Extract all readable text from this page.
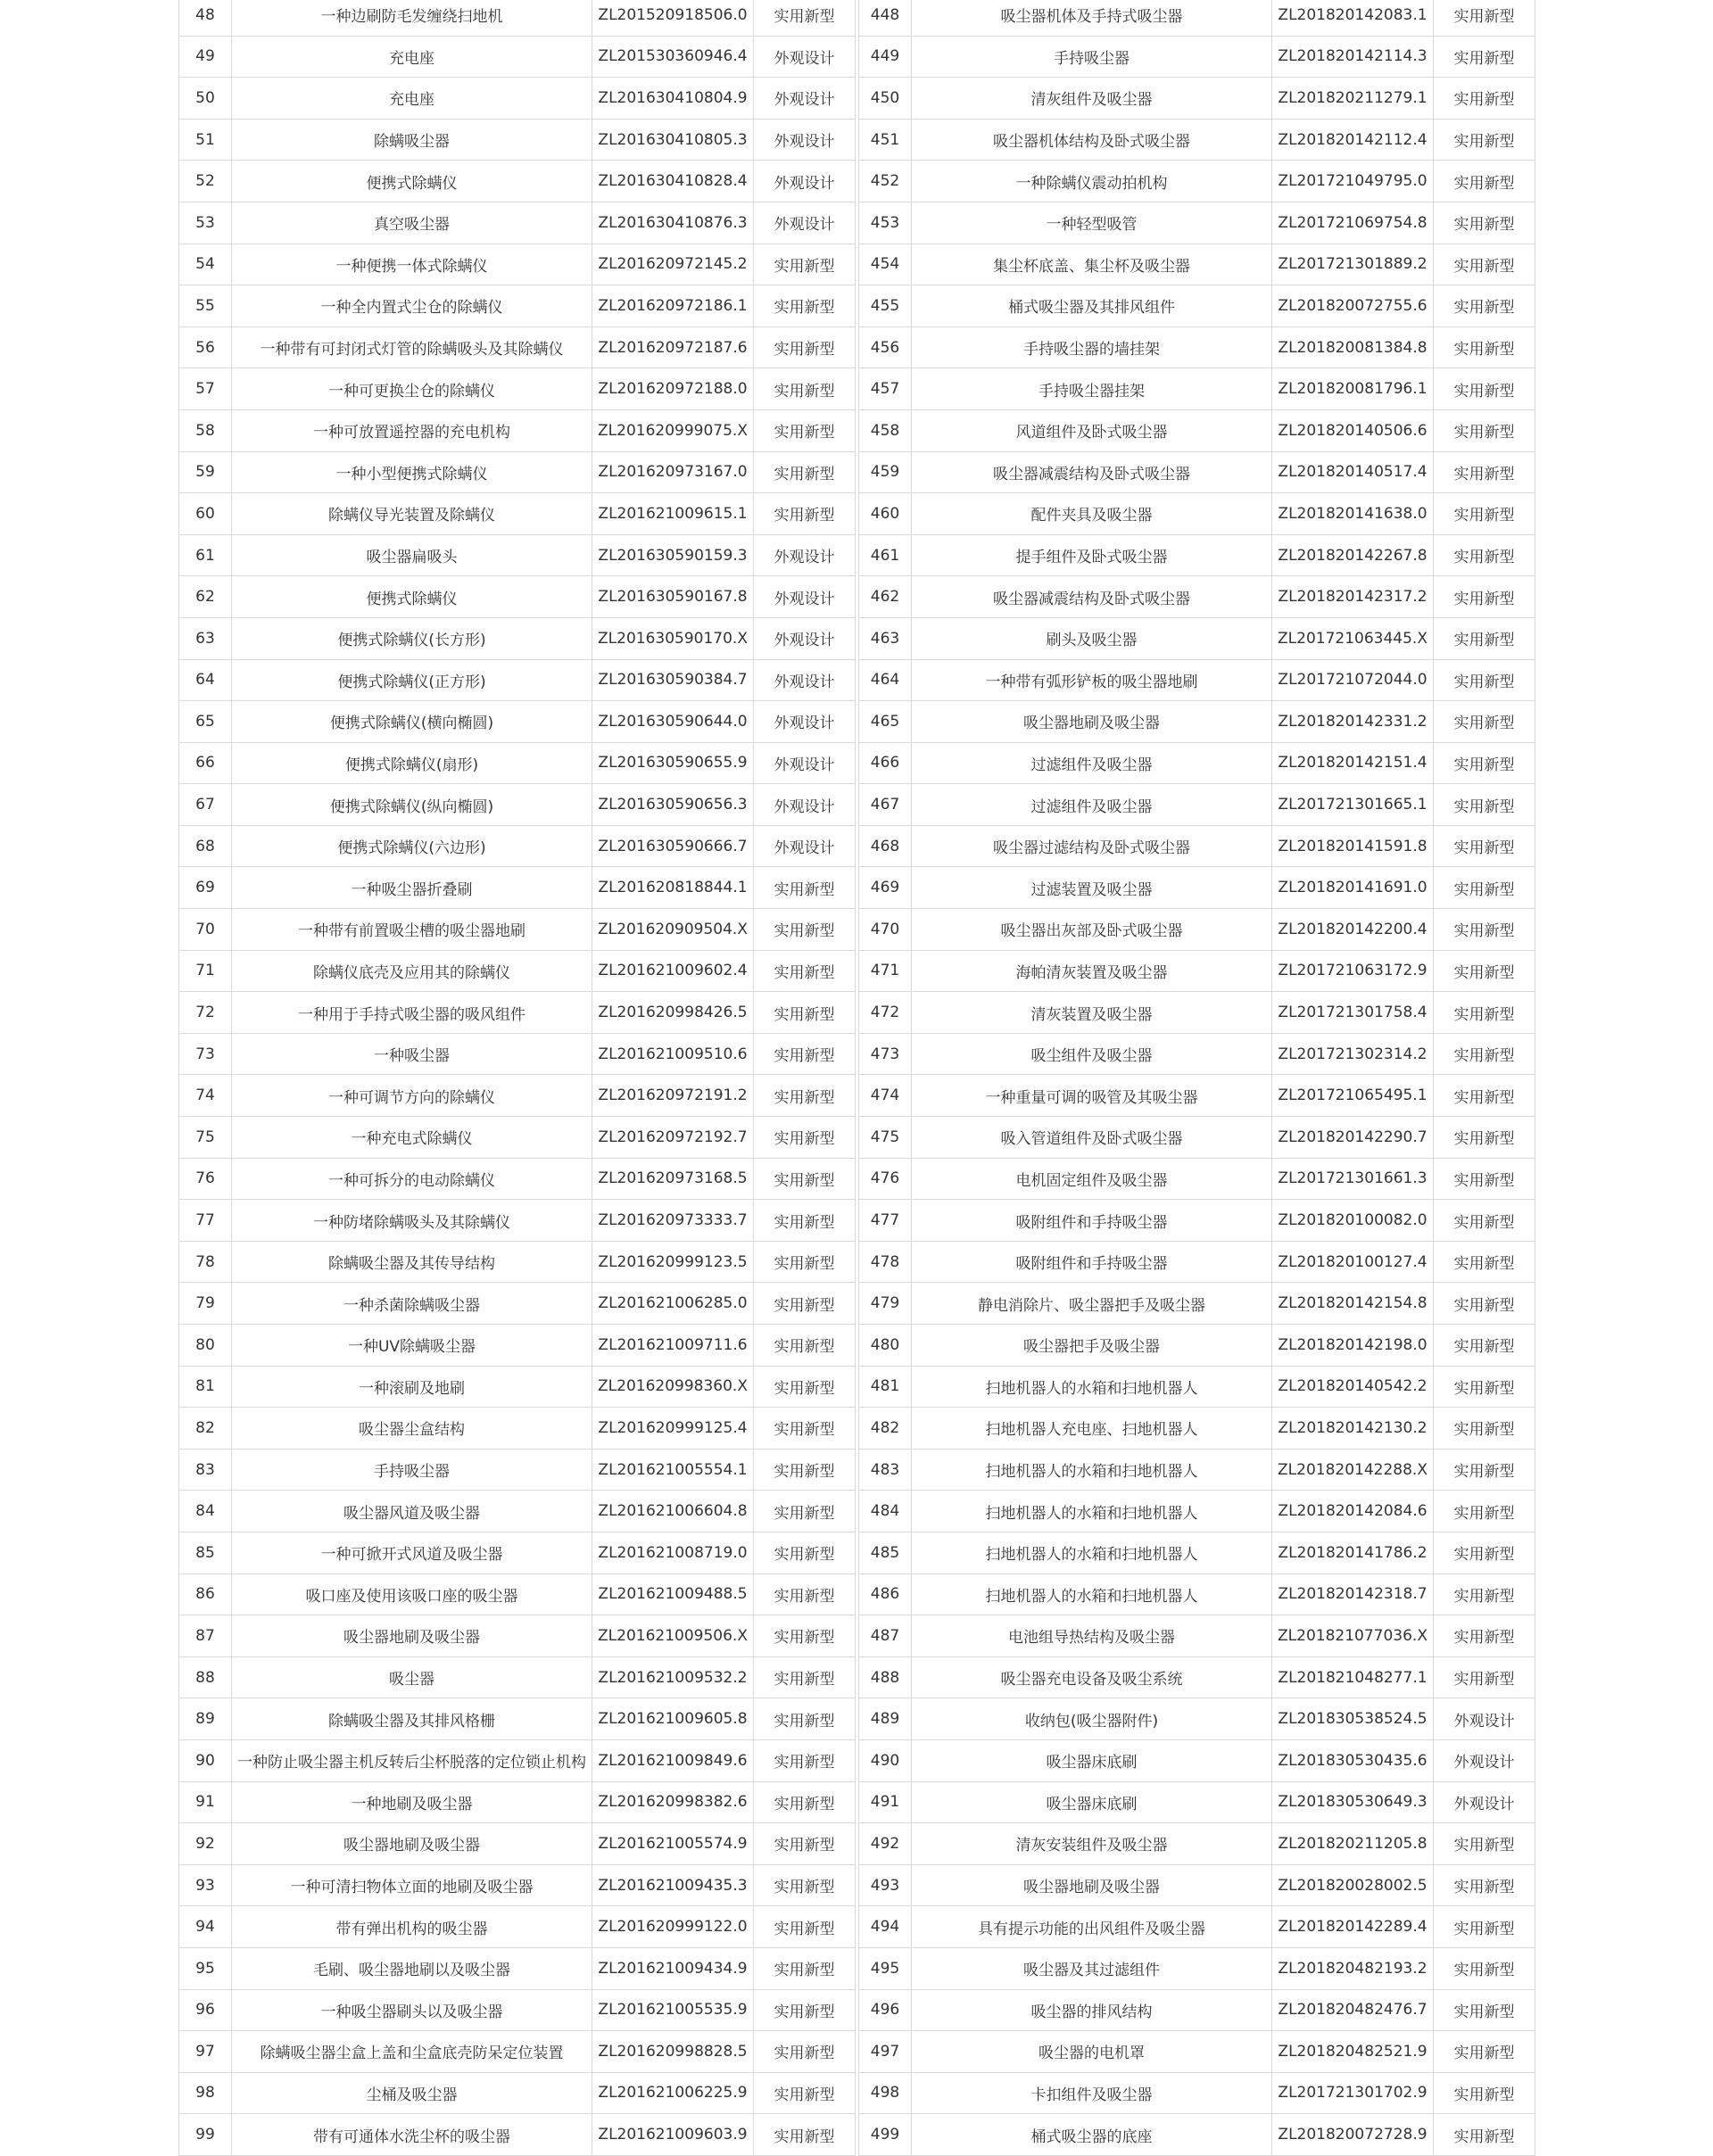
48	一种边刷防毛发缠绕扫地机	ZL201520918506.0	实用新型
49	充电座	ZL201530360946.4	外观设计
50	充电座	ZL201630410804.9	外观设计
51	除螨吸尘器	ZL201630410805.3	外观设计
52	便携式除螨仪	ZL201630410828.4	外观设计
53	真空吸尘器	ZL201630410876.3	外观设计
54	一种便携一体式除螨仪	ZL201620972145.2	实用新型
55	一种全内置式尘仓的除螨仪	ZL201620972186.1	实用新型
56	一种带有可封闭式灯管的除螨吸头及其除螨仪	ZL201620972187.6	实用新型
57	一种可更换尘仓的除螨仪	ZL201620972188.0	实用新型
58	一种可放置遥控器的充电机构	ZL201620999075.X	实用新型
59	一种小型便携式除螨仪	ZL201620973167.0	实用新型
60	除螨仪导光装置及除螨仪	ZL201621009615.1	实用新型
61	吸尘器扁吸头	ZL201630590159.3	外观设计
62	便携式除螨仪	ZL201630590167.8	外观设计
63	便携式除螨仪(长方形)	ZL201630590170.X	外观设计
64	便携式除螨仪(正方形)	ZL201630590384.7	外观设计
65	便携式除螨仪(横向椭圆)	ZL201630590644.0	外观设计
66	便携式除螨仪(扇形)	ZL201630590655.9	外观设计
67	便携式除螨仪(纵向椭圆)	ZL201630590656.3	外观设计
68	便携式除螨仪(六边形)	ZL201630590666.7	外观设计
69	一种吸尘器折叠刷	ZL201620818844.1	实用新型
70	一种带有前置吸尘槽的吸尘器地刷	ZL201620909504.X	实用新型
71	除螨仪底壳及应用其的除螨仪	ZL201621009602.4	实用新型
72	一种用于手持式吸尘器的吸风组件	ZL201620998426.5	实用新型
73	一种吸尘器	ZL201621009510.6	实用新型
74	一种可调节方向的除螨仪	ZL201620972191.2	实用新型
75	一种充电式除螨仪	ZL201620972192.7	实用新型
76	一种可拆分的电动除螨仪	ZL201620973168.5	实用新型
77	一种防堵除螨吸头及其除螨仪	ZL201620973333.7	实用新型
78	除螨吸尘器及其传导结构	ZL201620999123.5	实用新型
79	一种杀菌除螨吸尘器	ZL201621006285.0	实用新型
80	一种UV除螨吸尘器	ZL201621009711.6	实用新型
81	一种滚刷及地刷	ZL201620998360.X	实用新型
82	吸尘器尘盒结构	ZL201620999125.4	实用新型
83	手持吸尘器	ZL201621005554.1	实用新型
84	吸尘器风道及吸尘器	ZL201621006604.8	实用新型
85	一种可掀开式风道及吸尘器	ZL201621008719.0	实用新型
86	吸口座及使用该吸口座的吸尘器	ZL201621009488.5	实用新型
87	吸尘器地刷及吸尘器	ZL201621009506.X	实用新型
88	吸尘器	ZL201621009532.2	实用新型
89	除螨吸尘器及其排风格栅	ZL201621009605.8	实用新型
90	一种防止吸尘器主机反转后尘杯脱落的定位锁止机构	ZL201621009849.6	实用新型
91	一种地刷及吸尘器	ZL201620998382.6	实用新型
92	吸尘器地刷及吸尘器	ZL201621005574.9	实用新型
93	一种可清扫物体立面的地刷及吸尘器	ZL201621009435.3	实用新型
94	带有弹出机构的吸尘器	ZL201620999122.0	实用新型
95	毛刷、吸尘器地刷以及吸尘器	ZL201621009434.9	实用新型
96	一种吸尘器刷头以及吸尘器	ZL201621005535.9	实用新型
97	除螨吸尘器尘盒上盖和尘盒底壳防呆定位装置	ZL201620998828.5	实用新型
98	尘桶及吸尘器	ZL201621006225.9	实用新型
99	带有可通体水洗尘杯的吸尘器	ZL201621009603.9	实用新型
448	吸尘器机体及手持式吸尘器	ZL201820142083.1	实用新型
449	手持吸尘器	ZL201820142114.3	实用新型
450	清灰组件及吸尘器	ZL201820211279.1	实用新型
451	吸尘器机体结构及卧式吸尘器	ZL201820142112.4	实用新型
452	一种除螨仪震动拍机构	ZL201721049795.0	实用新型
453	一种轻型吸管	ZL201721069754.8	实用新型
454	集尘杯底盖、集尘杯及吸尘器	ZL201721301889.2	实用新型
455	桶式吸尘器及其排风组件	ZL201820072755.6	实用新型
456	手持吸尘器的墙挂架	ZL201820081384.8	实用新型
457	手持吸尘器挂架	ZL201820081796.1	实用新型
458	风道组件及卧式吸尘器	ZL201820140506.6	实用新型
459	吸尘器减震结构及卧式吸尘器	ZL201820140517.4	实用新型
460	配件夹具及吸尘器	ZL201820141638.0	实用新型
461	提手组件及卧式吸尘器	ZL201820142267.8	实用新型
462	吸尘器减震结构及卧式吸尘器	ZL201820142317.2	实用新型
463	刷头及吸尘器	ZL201721063445.X	实用新型
464	一种带有弧形铲板的吸尘器地刷	ZL201721072044.0	实用新型
465	吸尘器地刷及吸尘器	ZL201820142331.2	实用新型
466	过滤组件及吸尘器	ZL201820142151.4	实用新型
467	过滤组件及吸尘器	ZL201721301665.1	实用新型
468	吸尘器过滤结构及卧式吸尘器	ZL201820141591.8	实用新型
469	过滤装置及吸尘器	ZL201820141691.0	实用新型
470	吸尘器出灰部及卧式吸尘器	ZL201820142200.4	实用新型
471	海帕清灰装置及吸尘器	ZL201721063172.9	实用新型
472	清灰装置及吸尘器	ZL201721301758.4	实用新型
473	吸尘组件及吸尘器	ZL201721302314.2	实用新型
474	一种重量可调的吸管及其吸尘器	ZL201721065495.1	实用新型
475	吸入管道组件及卧式吸尘器	ZL201820142290.7	实用新型
476	电机固定组件及吸尘器	ZL201721301661.3	实用新型
477	吸附组件和手持吸尘器	ZL201820100082.0	实用新型
478	吸附组件和手持吸尘器	ZL201820100127.4	实用新型
479	静电消除片、吸尘器把手及吸尘器	ZL201820142154.8	实用新型
480	吸尘器把手及吸尘器	ZL201820142198.0	实用新型
481	扫地机器人的水箱和扫地机器人	ZL201820140542.2	实用新型
482	扫地机器人充电座、扫地机器人	ZL201820142130.2	实用新型
483	扫地机器人的水箱和扫地机器人	ZL201820142288.X	实用新型
484	扫地机器人的水箱和扫地机器人	ZL201820142084.6	实用新型
485	扫地机器人的水箱和扫地机器人	ZL201820141786.2	实用新型
486	扫地机器人的水箱和扫地机器人	ZL201820142318.7	实用新型
487	电池组导热结构及吸尘器	ZL201821077036.X	实用新型
488	吸尘器充电设备及吸尘系统	ZL201821048277.1	实用新型
489	收纳包(吸尘器附件)	ZL201830538524.5	外观设计
490	吸尘器床底刷	ZL201830530435.6	外观设计
491	吸尘器床底刷	ZL201830530649.3	外观设计
492	清灰安装组件及吸尘器	ZL201820211205.8	实用新型
493	吸尘器地刷及吸尘器	ZL201820028002.5	实用新型
494	具有提示功能的出风组件及吸尘器	ZL201820142289.4	实用新型
495	吸尘器及其过滤组件	ZL201820482193.2	实用新型
496	吸尘器的排风结构	ZL201820482476.7	实用新型
497	吸尘器的电机罩	ZL201820482521.9	实用新型
498	卡扣组件及吸尘器	ZL201721301702.9	实用新型
499	桶式吸尘器的底座	ZL201820072728.9	实用新型
